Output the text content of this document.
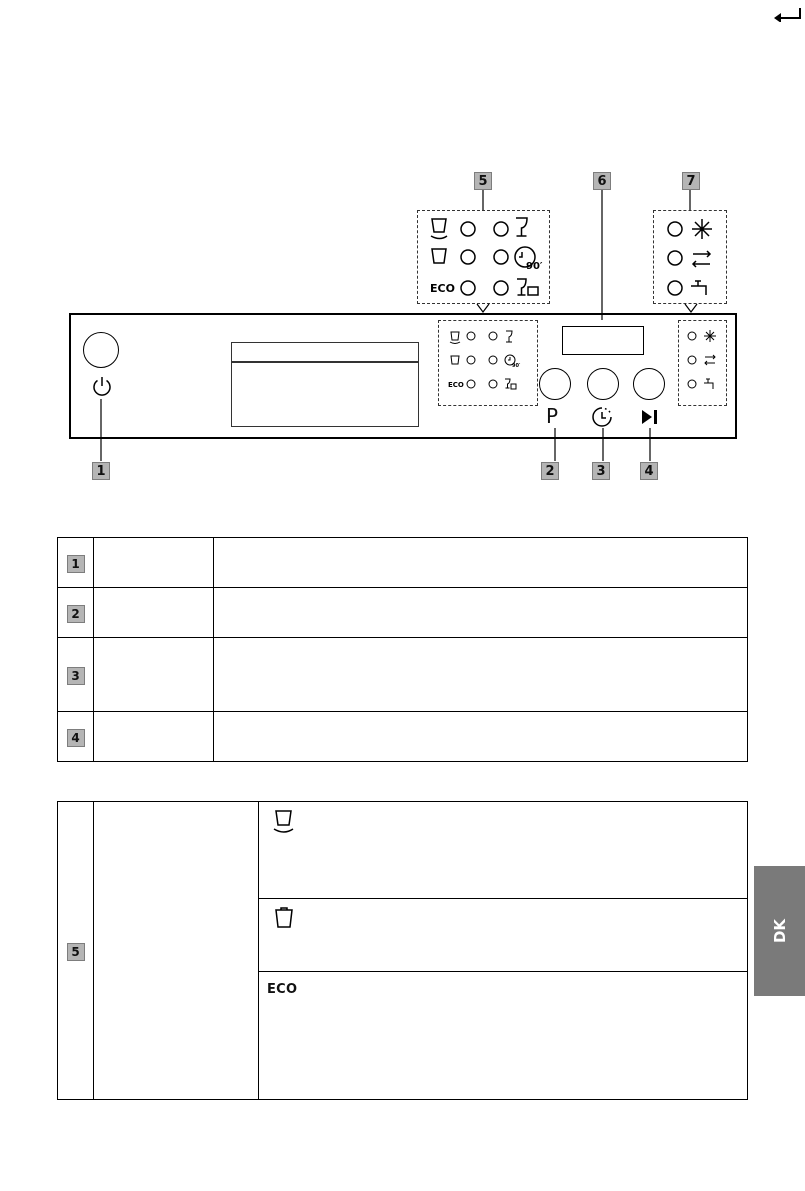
ECO
90′
P
ECO
90′
5	6	7
1	2	3	4
1		
2		
3		
4		
5		

ECO
DK
